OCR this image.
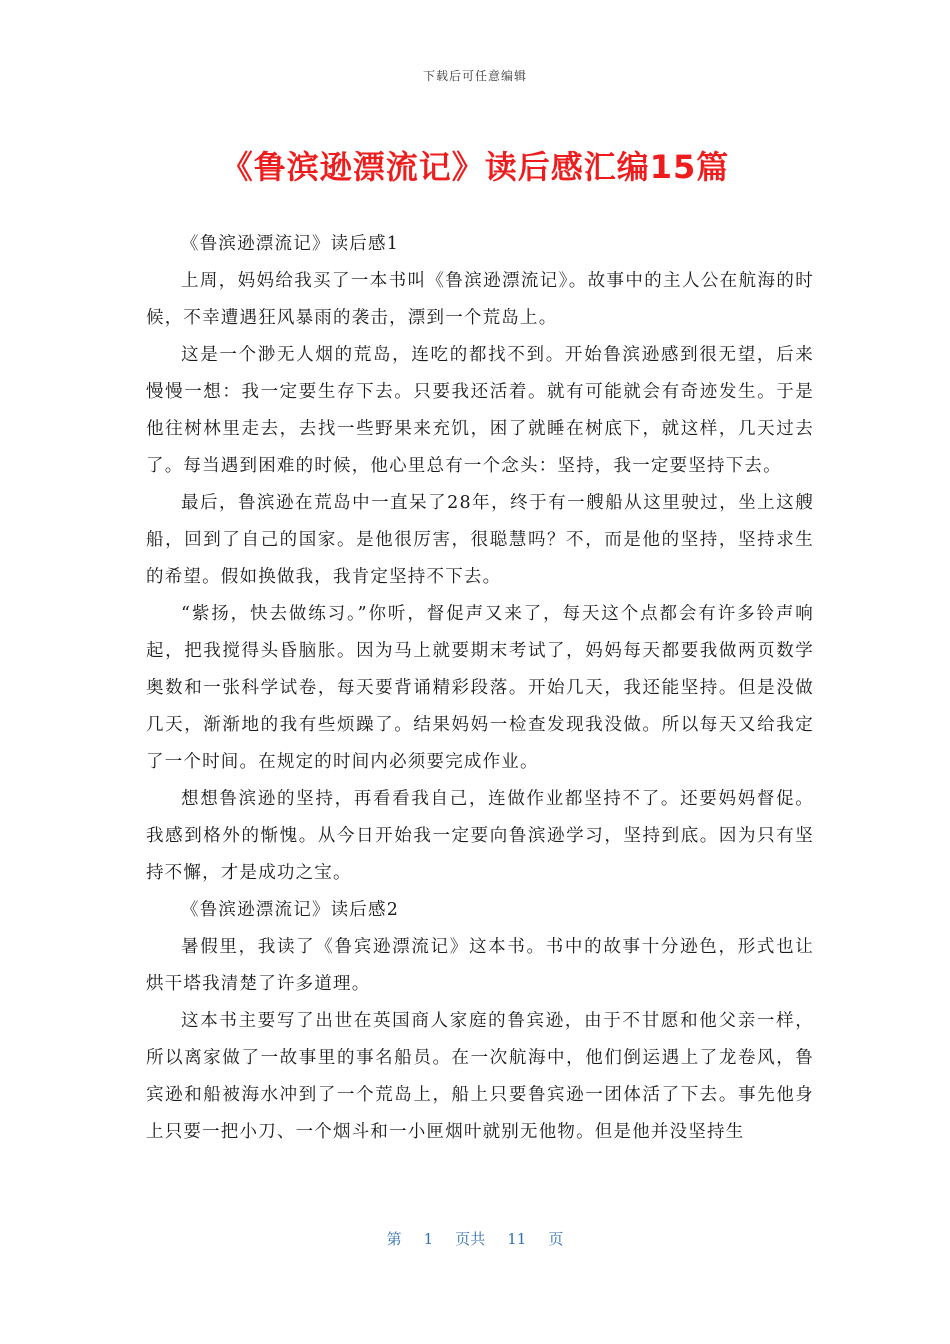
下载后可任意编辑
《鲁滨逊漂流记》读后感汇编15篇

《鲁滨逊漂流记》读后感1

上周，妈妈给我买了一本书叫《鲁滨逊漂流记》。故事中的主人公在航海的时候，不幸遭遇狂风暴雨的袭击，漂到一个荒岛上。

这是一个渺无人烟的荒岛，连吃的都找不到。开始鲁滨逊感到很无望，后来慢慢一想：我一定要生存下去。只要我还活着。就有可能就会有奇迹发生。于是他往树林里走去，去找一些野果来充饥，困了就睡在树底下，就这样，几天过去了。每当遇到困难的时候，他心里总有一个念头：坚持，我一定要坚持下去。

最后，鲁滨逊在荒岛中一直呆了28年，终于有一艘船从这里驶过，坐上这艘船，回到了自己的国家。是他很厉害，很聪慧吗？不，而是他的坚持，坚持求生的希望。假如换做我，我肯定坚持不下去。

“紫扬，快去做练习。”你听，督促声又来了，每天这个点都会有许多铃声响起，把我搅得头昏脑胀。因为马上就要期末考试了，妈妈每天都要我做两页数学奥数和一张科学试卷，每天要背诵精彩段落。开始几天，我还能坚持。但是没做几天，渐渐地的我有些烦躁了。结果妈妈一检查发现我没做。所以每天又给我定了一个时间。在规定的时间内必须要完成作业。

想想鲁滨逊的坚持，再看看我自己，连做作业都坚持不了。还要妈妈督促。我感到格外的惭愧。从今日开始我一定要向鲁滨逊学习，坚持到底。因为只有坚持不懈，才是成功之宝。

《鲁滨逊漂流记》读后感2

暑假里，我读了《鲁宾逊漂流记》这本书。书中的故事十分逊色，形式也让烘干塔我清楚了许多道理。

这本书主要写了出世在英国商人家庭的鲁宾逊，由于不甘愿和他父亲一样，所以离家做了一故事里的事名船员。在一次航海中，他们倒运遇上了龙卷风，鲁宾逊和船被海水冲到了一个荒岛上，船上只要鲁宾逊一团体活了下去。事先他身上只要一把小刀、一个烟斗和一小匣烟叶就别无他物。但是他并没坚持生

第 1 页共 11 页
